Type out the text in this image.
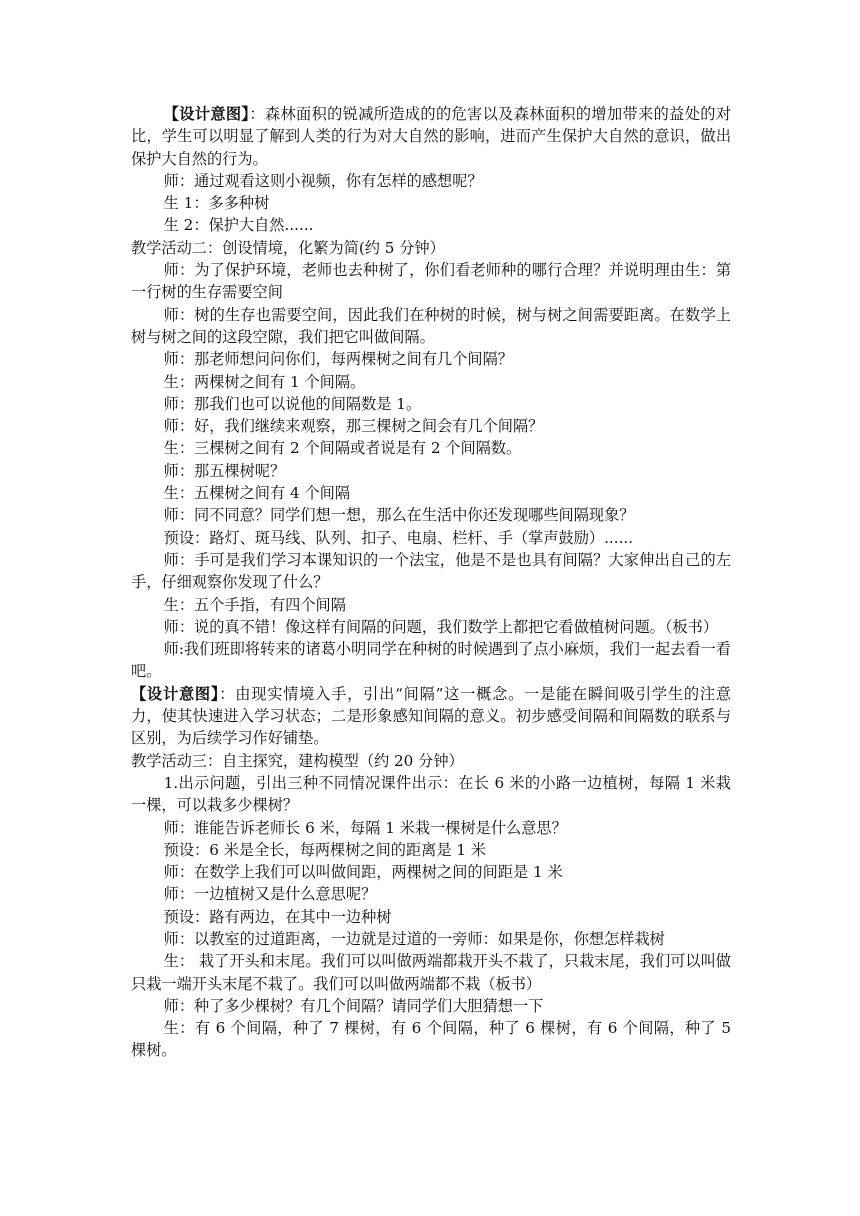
【设计意图】：森林面积的锐减所造成的的危害以及森林面积的增加带来的益处的对比，学生可以明显了解到人类的行为对大自然的影响，进而产生保护大自然的意识，做出保护大自然的行为。

师：通过观看这则小视频，你有怎样的感想呢？

生 1：多多种树

生 2：保护大自然......

教学活动二：创设情境，化繁为简(约 5 分钟）

师：为了保护环境，老师也去种树了，你们看老师种的哪行合理？并说明理由生：第一行树的生存需要空间

师：树的生存也需要空间，因此我们在种树的时候，树与树之间需要距离。在数学上树与树之间的这段空隙，我们把它叫做间隔。

师：那老师想问问你们，每两棵树之间有几个间隔？

生：两棵树之间有 1 个间隔。

师：那我们也可以说他的间隔数是 1。

师：好，我们继续来观察，那三棵树之间会有几个间隔？

生：三棵树之间有 2 个间隔或者说是有 2 个间隔数。

师：那五棵树呢？

生：五棵树之间有 4 个间隔

师：同不同意？同学们想一想，那么在生活中你还发现哪些间隔现象？

预设：路灯、斑马线、队列、扣子、电扇、栏杆、手（掌声鼓励）......

师：手可是我们学习本课知识的一个法宝，他是不是也具有间隔？大家伸出自己的左手，仔细观察你发现了什么？

生：五个手指，有四个间隔

师：说的真不错！像这样有间隔的问题，我们数学上都把它看做植树问题。（板书）

师:我们班即将转来的诸葛小明同学在种树的时候遇到了点小麻烦，我们一起去看一看吧。

【设计意图】：由现实情境入手，引出“间隔”这一概念。一是能在瞬间吸引学生的注意力，使其快速进入学习状态；二是形象感知间隔的意义。初步感受间隔和间隔数的联系与区别，为后续学习作好铺垫。

教学活动三：自主探究，建构模型（约 20 分钟）

1.出示问题，引出三种不同情况课件出示：在长 6 米的小路一边植树，每隔 1 米栽一棵，可以栽多少棵树？

师：谁能告诉老师长 6 米，每隔 1 米栽一棵树是什么意思？

预设：6 米是全长，每两棵树之间的距离是 1 米

师：在数学上我们可以叫做间距，两棵树之间的间距是 1 米

师：一边植树又是什么意思呢？

预设：路有两边，在其中一边种树

师：以教室的过道距离，一边就是过道的一旁师：如果是你，你想怎样栽树

生： 栽了开头和末尾。我们可以叫做两端都栽开头不栽了，只栽末尾，我们可以叫做只栽一端开头末尾不栽了。我们可以叫做两端都不栽（板书）

师：种了多少棵树？有几个间隔？请同学们大胆猜想一下

生：有 6 个间隔，种了 7 棵树，有 6 个间隔，种了 6 棵树，有 6 个间隔，种了 5 棵树。
